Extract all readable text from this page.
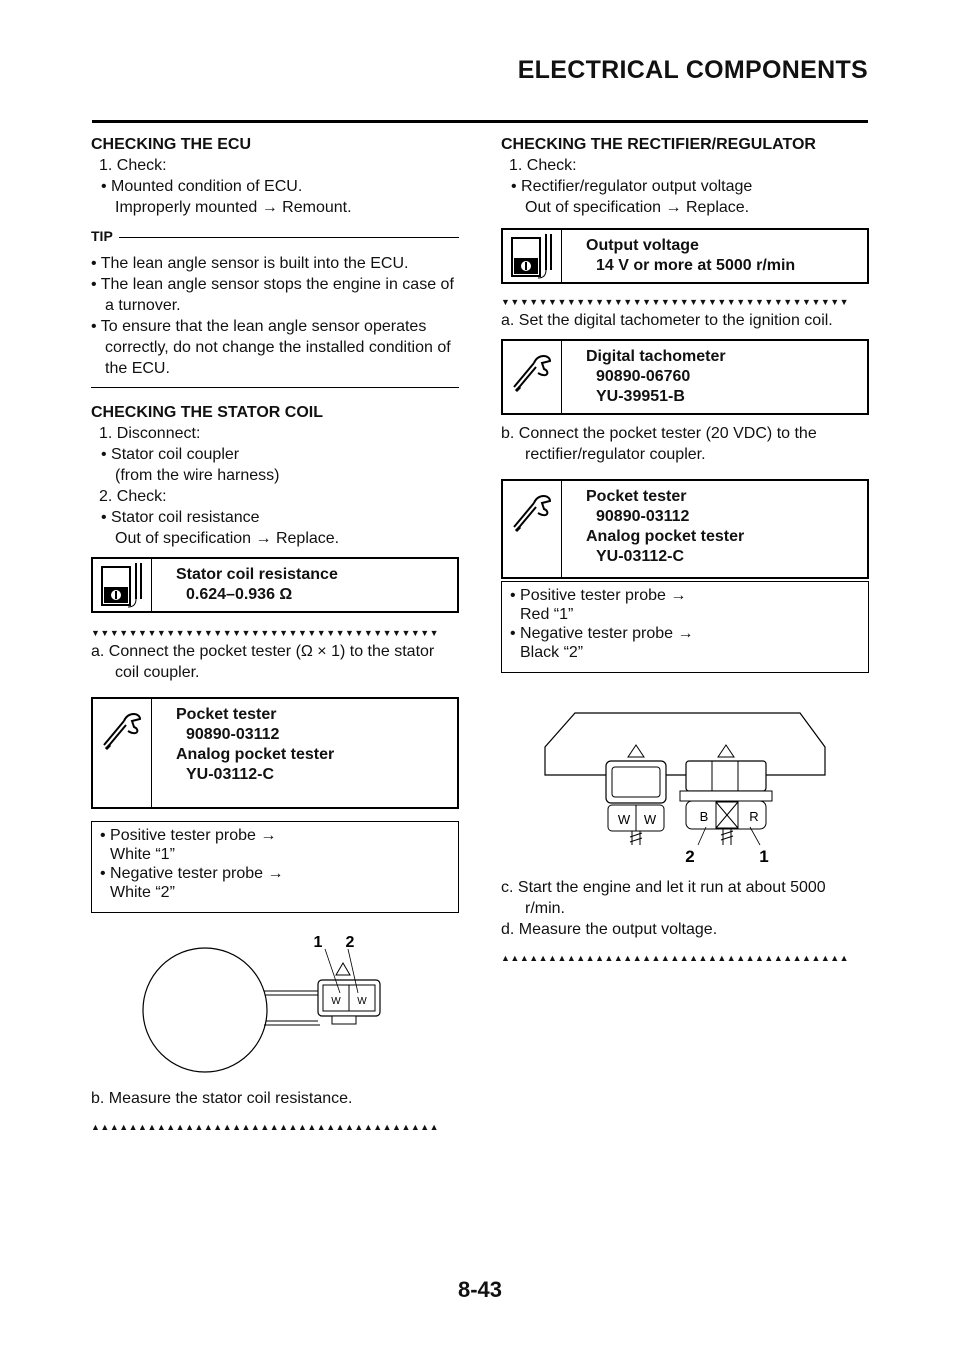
ELECTRICAL COMPONENTS
CHECKING THE ECU
1. Check:
• Mounted condition of ECU.
Improperly mounted → Remount.
TIP
• The lean angle sensor is built into the ECU.
• The lean angle sensor stops the engine in case of a turnover.
• To ensure that the lean angle sensor operates correctly, do not change the installed condition of the ECU.
CHECKING THE STATOR COIL
1. Disconnect:
• Stator coil coupler
(from the wire harness)
2. Check:
• Stator coil resistance
Out of specification → Replace.
Stator coil resistance
0.624–0.936 Ω
▼▼▼▼▼▼▼▼▼▼▼▼▼▼▼▼▼▼▼▼▼▼▼▼▼▼▼▼▼▼▼▼▼▼▼▼▼
a. Connect the pocket tester (Ω × 1) to the stator coil coupler.
Pocket tester
90890-03112
Analog pocket tester
YU-03112-C
• Positive tester probe →
White “1”
• Negative tester probe →
White “2”
W W
1 2
b. Measure the stator coil resistance.
▲▲▲▲▲▲▲▲▲▲▲▲▲▲▲▲▲▲▲▲▲▲▲▲▲▲▲▲▲▲▲▲▲▲▲▲▲
CHECKING THE RECTIFIER/REGULATOR
1. Check:
• Rectifier/regulator output voltage
Out of specification → Replace.
Output voltage
14 V or more at 5000 r/min
▼▼▼▼▼▼▼▼▼▼▼▼▼▼▼▼▼▼▼▼▼▼▼▼▼▼▼▼▼▼▼▼▼▼▼▼▼
a. Set the digital tachometer to the ignition coil.
Digital tachometer
90890-06760
YU-39951-B
b. Connect the pocket tester (20 VDC) to the rectifier/regulator coupler.
Pocket tester
90890-03112
Analog pocket tester
YU-03112-C
• Positive tester probe →
Red “1”
• Negative tester probe →
Black “2”
W W	B	R
2	1
c. Start the engine and let it run at about 5000 r/min.
d. Measure the output voltage.
▲▲▲▲▲▲▲▲▲▲▲▲▲▲▲▲▲▲▲▲▲▲▲▲▲▲▲▲▲▲▲▲▲▲▲▲▲
8-43
